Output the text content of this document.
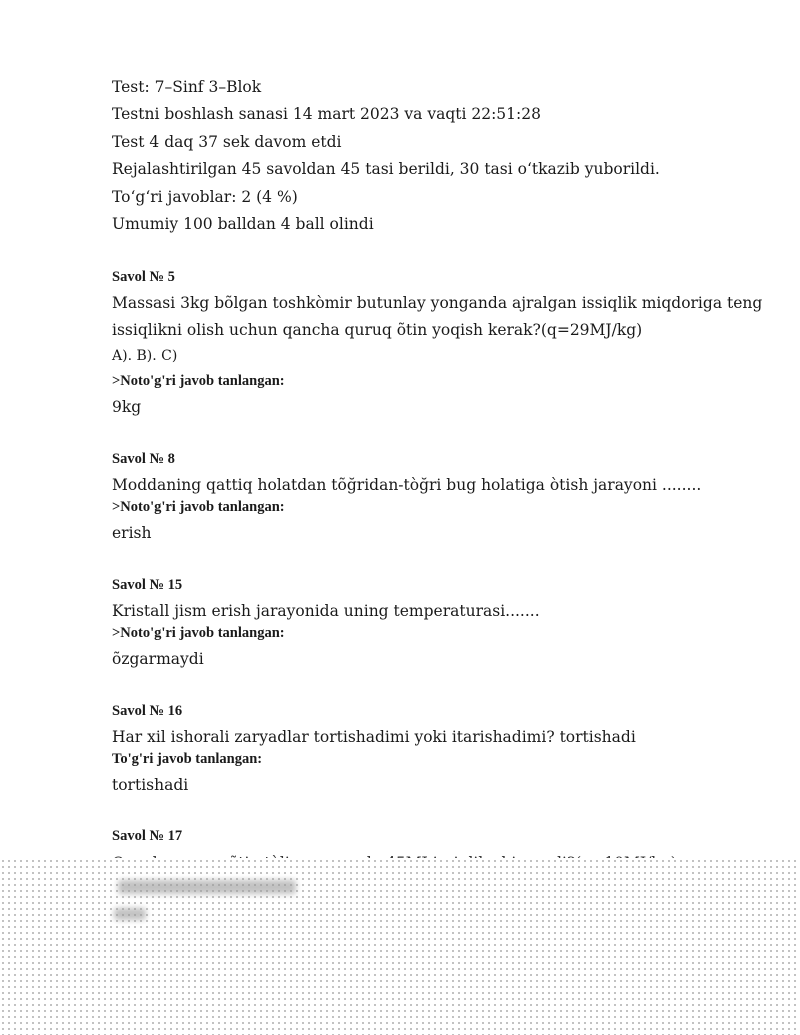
Test: 7–Sinf 3–Blok
Testni boshlash sanasi 14 mart 2023 va vaqti 22:51:28
Test 4 daq 37 sek davom etdi
Rejalashtirilgan 45 savoldan 45 tasi berildi, 30 tasi o‘tkazib yuborildi.
To‘g‘ri javoblar: 2 (4 %)
Umumiy 100 balldan 4 ball olindi
Savol № 5
Massasi 3kg bõlgan toshkòmir butunlay yonganda ajralgan issiqlik miqdoriga teng issiqlikni olish uchun qancha quruq õtin yoqish kerak?(q=29MJ/kg)
A). B). C)
>Noto'g'ri javob tanlangan:
9kg
Savol № 8
Moddaning qattiq holatdan tõğridan-tòğri bug holatiga òtish jarayoni ........
>Noto'g'ri javob tanlangan:
erish
Savol № 15
Kristall jism erish jarayonida uning temperaturasi.......
>Noto'g'ri javob tanlangan:
õzgarmaydi
Savol № 16
Har xil ishorali zaryadlar tortishadimi yoki itarishadimi? tortishadi
To'g'ri javob tanlangan:
tortishadi
Savol № 17
